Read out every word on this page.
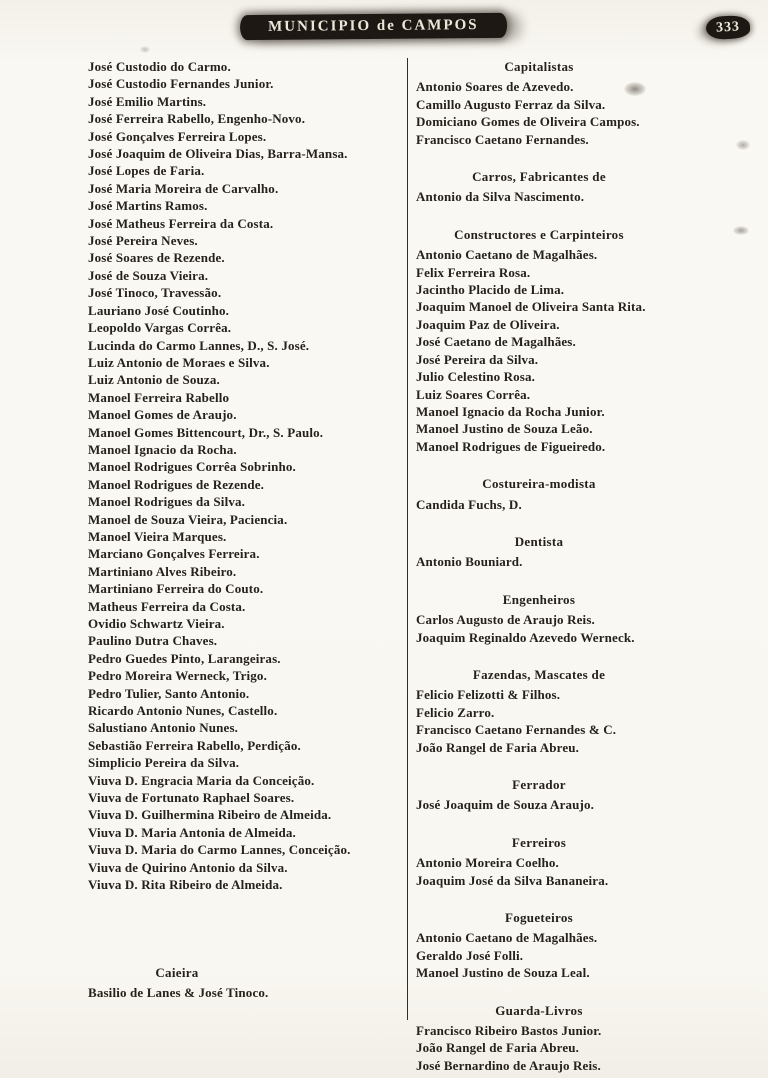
MUNICIPIO de CAMPOS	333
José Custodio do Carmo.
José Custodio Fernandes Junior.
José Emilio Martins.
José Ferreira Rabello, Engenho-Novo.
José Gonçalves Ferreira Lopes.
José Joaquim de Oliveira Dias, Barra-Mansa.
José Lopes de Faria.
José Maria Moreira de Carvalho.
José Martins Ramos.
José Matheus Ferreira da Costa.
José Pereira Neves.
José Soares de Rezende.
José de Souza Vieira.
José Tinoco, Travessão.
Lauriano José Coutinho.
Leopoldo Vargas Corrêa.
Lucinda do Carmo Lannes, D., S. José.
Luiz Antonio de Moraes e Silva.
Luiz Antonio de Souza.
Manoel Ferreira Rabello
Manoel Gomes de Araujo.
Manoel Gomes Bittencourt, Dr., S. Paulo.
Manoel Ignacio da Rocha.
Manoel Rodrigues Corrêa Sobrinho.
Manoel Rodrigues de Rezende.
Manoel Rodrigues da Silva.
Manoel de Souza Vieira, Paciencia.
Manoel Vieira Marques.
Marciano Gonçalves Ferreira.
Martiniano Alves Ribeiro.
Martiniano Ferreira do Couto.
Matheus Ferreira da Costa.
Ovidio Schwartz Vieira.
Paulino Dutra Chaves.
Pedro Guedes Pinto, Larangeiras.
Pedro Moreira Werneck, Trigo.
Pedro Tulier, Santo Antonio.
Ricardo Antonio Nunes, Castello.
Salustiano Antonio Nunes.
Sebastião Ferreira Rabello, Perdição.
Simplicio Pereira da Silva.
Viuva D. Engracia Maria da Conceição.
Viuva de Fortunato Raphael Soares.
Viuva D. Guilhermina Ribeiro de Almeida.
Viuva D. Maria Antonia de Almeida.
Viuva D. Maria do Carmo Lannes, Conceição.
Viuva de Quirino Antonio da Silva.
Viuva D. Rita Ribeiro de Almeida.
Caieira
Basilio de Lanes & José Tinoco.
Capitalistas
Antonio Soares de Azevedo.
Camillo Augusto Ferraz da Silva.
Domiciano Gomes de Oliveira Campos.
Francisco Caetano Fernandes.
Carros, Fabricantes de
Antonio da Silva Nascimento.
Constructores e Carpinteiros
Antonio Caetano de Magalhães.
Felix Ferreira Rosa.
Jacintho Placido de Lima.
Joaquim Manoel de Oliveira Santa Rita.
Joaquim Paz de Oliveira.
José Caetano de Magalhães.
José Pereira da Silva.
Julio Celestino Rosa.
Luiz Soares Corrêa.
Manoel Ignacio da Rocha Junior.
Manoel Justino de Souza Leão.
Manoel Rodrigues de Figueiredo.
Costureira-modista
Candida Fuchs, D.
Dentista
Antonio Bouniard.
Engenheiros
Carlos Augusto de Araujo Reis.
Joaquim Reginaldo Azevedo Werneck.
Fazendas, Mascates de
Felicio Felizotti & Filhos.
Felicio Zarro.
Francisco Caetano Fernandes & C.
João Rangel de Faria Abreu.
Ferrador
José Joaquim de Souza Araujo.
Ferreiros
Antonio Moreira Coelho.
Joaquim José da Silva Bananeira.
Fogueteiros
Antonio Caetano de Magalhães.
Geraldo José Folli.
Manoel Justino de Souza Leal.
Guarda-Livros
Francisco Ribeiro Bastos Junior.
João Rangel de Faria Abreu.
José Bernardino de Araujo Reis.
